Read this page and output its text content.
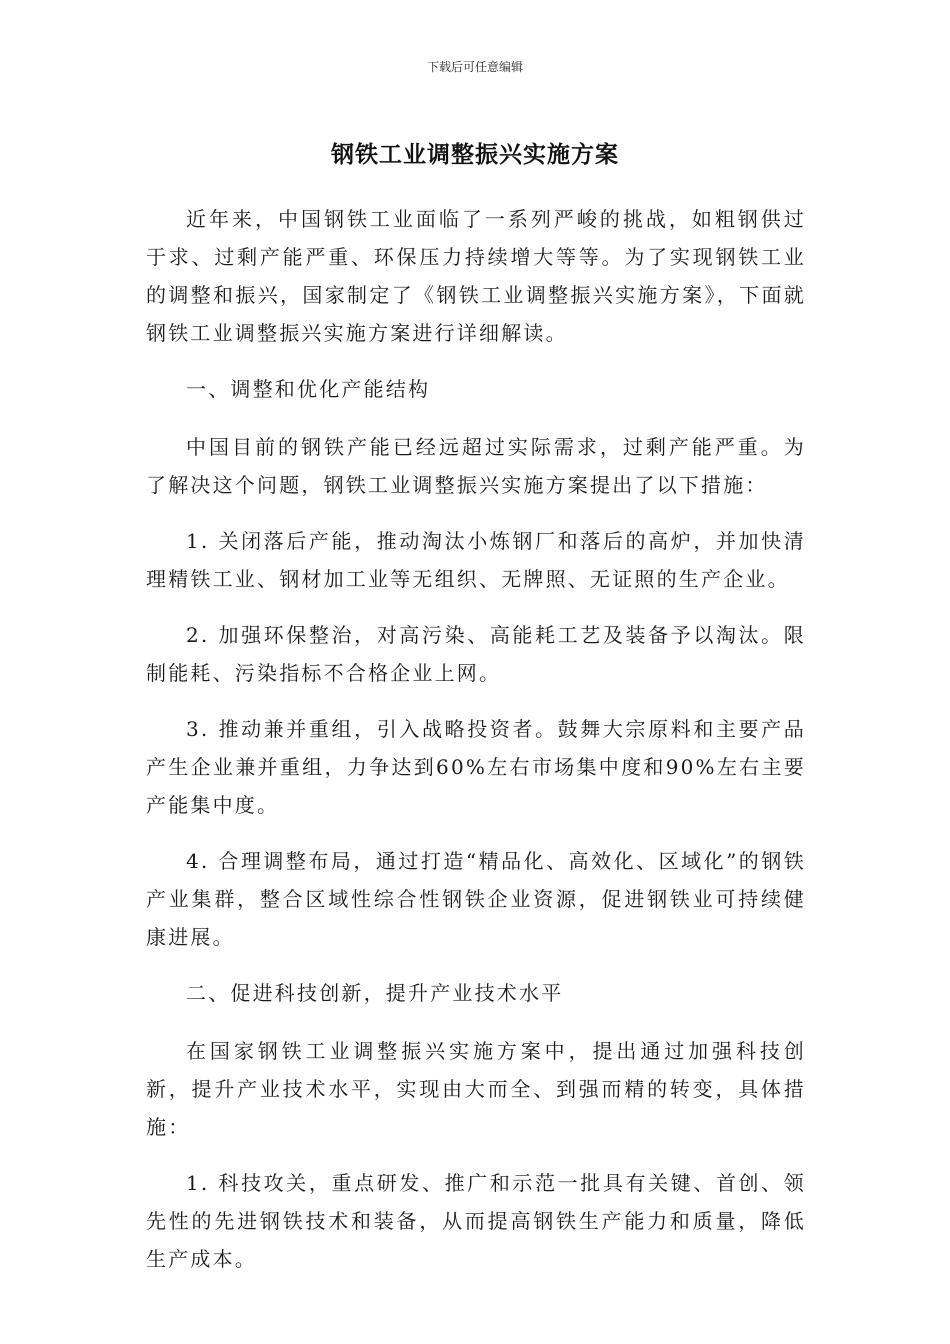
下载后可任意编辑
钢铁工业调整振兴实施方案

近年来，中国钢铁工业面临了一系列严峻的挑战，如粗钢供过于求、过剩产能严重、环保压力持续增大等等。为了实现钢铁工业的调整和振兴，国家制定了《钢铁工业调整振兴实施方案》，下面就钢铁工业调整振兴实施方案进行详细解读。

一、调整和优化产能结构

中国目前的钢铁产能已经远超过实际需求，过剩产能严重。为了解决这个问题，钢铁工业调整振兴实施方案提出了以下措施：

1. 关闭落后产能，推动淘汰小炼钢厂和落后的高炉，并加快清理精铁工业、钢材加工业等无组织、无牌照、无证照的生产企业。

2. 加强环保整治，对高污染、高能耗工艺及装备予以淘汰。限制能耗、污染指标不合格企业上网。

3. 推动兼并重组，引入战略投资者。鼓舞大宗原料和主要产品产生企业兼并重组，力争达到60%左右市场集中度和90%左右主要产能集中度。

4. 合理调整布局，通过打造“精品化、高效化、区域化”的钢铁产业集群，整合区域性综合性钢铁企业资源，促进钢铁业可持续健康进展。

二、促进科技创新，提升产业技术水平

在国家钢铁工业调整振兴实施方案中，提出通过加强科技创新，提升产业技术水平，实现由大而全、到强而精的转变，具体措施：

1. 科技攻关，重点研发、推广和示范一批具有关键、首创、领先性的先进钢铁技术和装备，从而提高钢铁生产能力和质量，降低生产成本。
